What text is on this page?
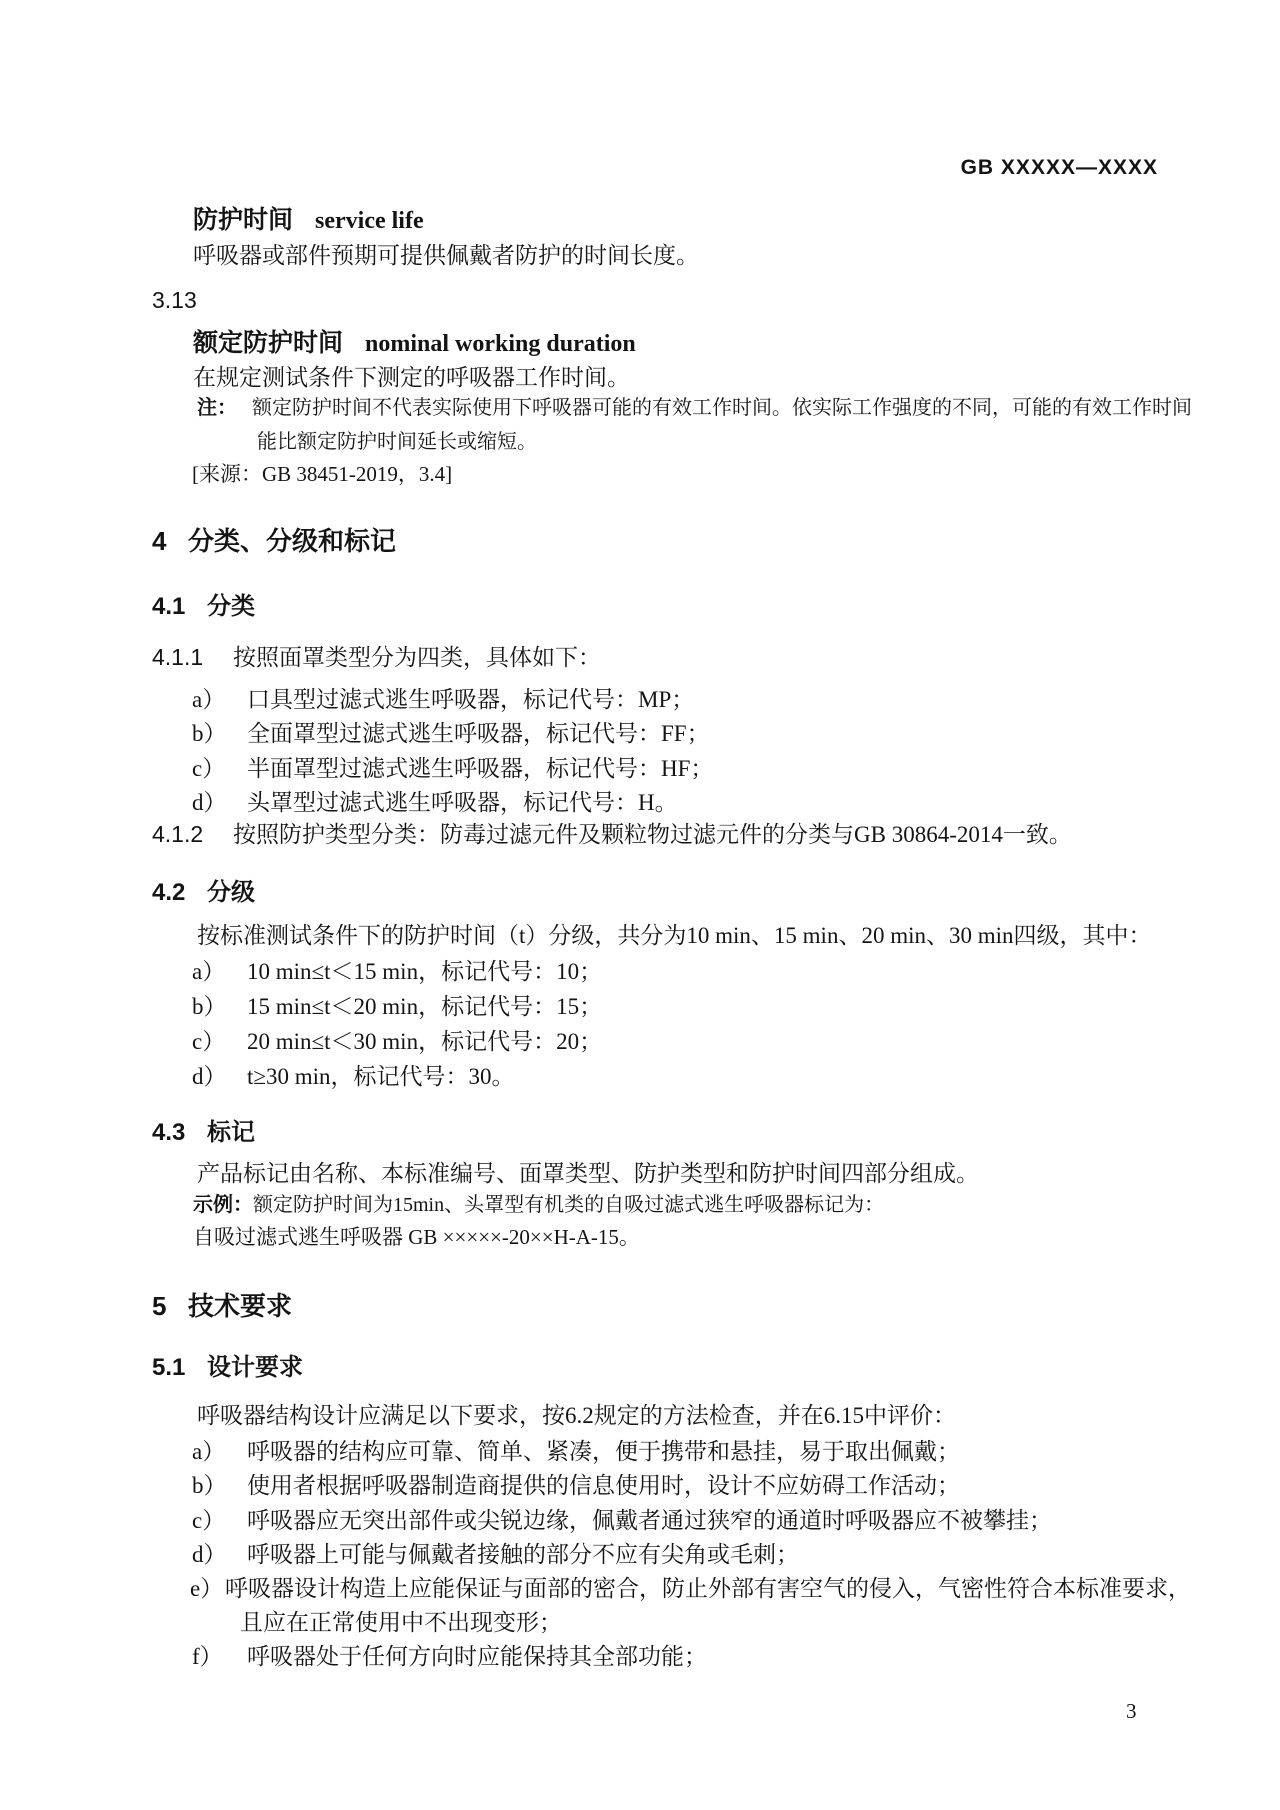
GB XXXXX—XXXX
防护时间 service life
呼吸器或部件预期可提供佩戴者防护的时间长度。
3.13
额定防护时间 nominal working duration
在规定测试条件下测定的呼吸器工作时间。
注： 额定防护时间不代表实际使用下呼吸器可能的有效工作时间。依实际工作强度的不同，可能的有效工作时间
能比额定防护时间延长或缩短。
[来源：GB 38451-2019，3.4]
4 分类、分级和标记
4.1 分类
4.1.1 按照面罩类型分为四类，具体如下：
a） 口具型过滤式逃生呼吸器，标记代号：MP；
b） 全面罩型过滤式逃生呼吸器，标记代号：FF；
c） 半面罩型过滤式逃生呼吸器，标记代号：HF；
d） 头罩型过滤式逃生呼吸器，标记代号：H。
4.1.2 按照防护类型分类：防毒过滤元件及颗粒物过滤元件的分类与GB 30864-2014一致。
4.2 分级
按标准测试条件下的防护时间（t）分级，共分为10 min、15 min、20 min、30 min四级，其中：
a） 10 min≤t＜15 min，标记代号：10；
b） 15 min≤t＜20 min，标记代号：15；
c） 20 min≤t＜30 min，标记代号：20；
d） t≥30 min，标记代号：30。
4.3 标记
产品标记由名称、本标准编号、面罩类型、防护类型和防护时间四部分组成。
示例：额定防护时间为15min、头罩型有机类的自吸过滤式逃生呼吸器标记为：
自吸过滤式逃生呼吸器 GB ×××××-20××H-A-15。
5 技术要求
5.1 设计要求
呼吸器结构设计应满足以下要求，按6.2规定的方法检查，并在6.15中评价：
a） 呼吸器的结构应可靠、简单、紧凑，便于携带和悬挂，易于取出佩戴；
b） 使用者根据呼吸器制造商提供的信息使用时，设计不应妨碍工作活动；
c） 呼吸器应无突出部件或尖锐边缘，佩戴者通过狭窄的通道时呼吸器应不被攀挂；
d） 呼吸器上可能与佩戴者接触的部分不应有尖角或毛刺；
e）呼吸器设计构造上应能保证与面部的密合，防止外部有害空气的侵入，气密性符合本标准要求，
且应在正常使用中不出现变形；
f） 呼吸器处于任何方向时应能保持其全部功能；
3
